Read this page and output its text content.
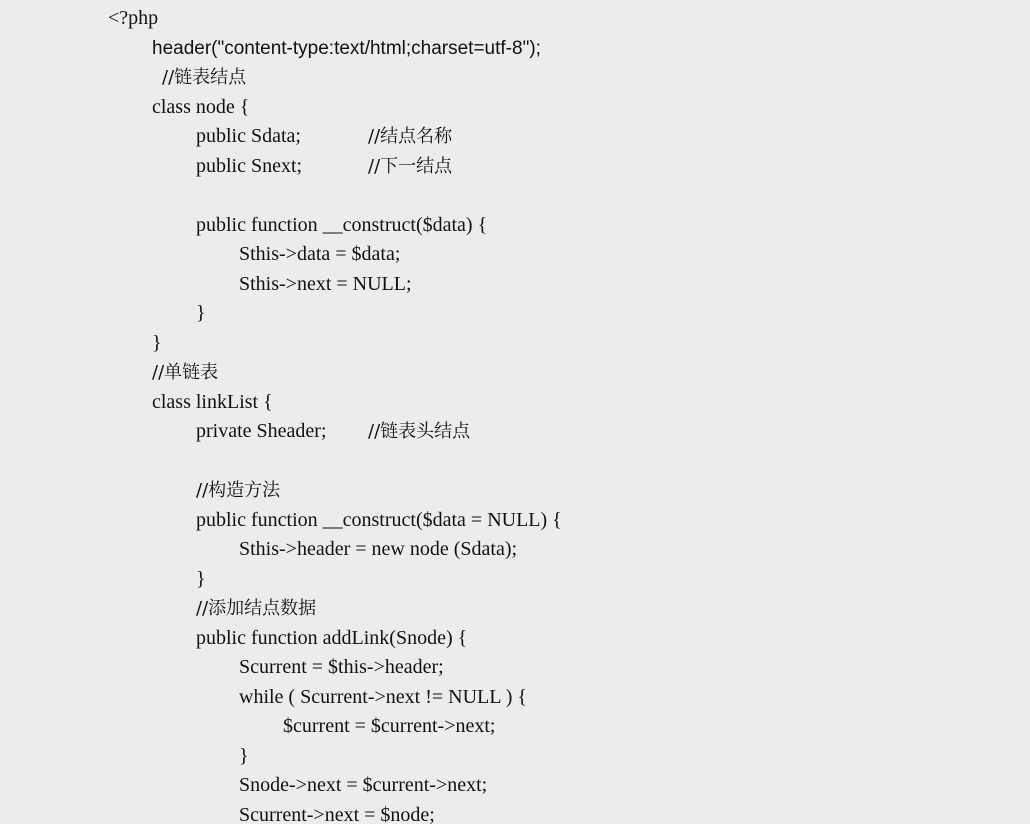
<?php

header("content-type:text/html;charset=utf-8");

//链表结点

class node {

public Sdata;

	//结点名称

public Snext;

	//下一结点

public function __construct($data) {

Sthis->data = $data;

Sthis->next = NULL;

}

}

//单链表

class linkList {

private Sheader;

//链表头结点

//构造方法

public function __construct($data = NULL) {

Sthis->header = new node (Sdata);

}

//添加结点数据

public function addLink(Snode) {

Scurrent = $this->header;

while ( Scurrent->next != NULL ) {

$current = $current->next;

}

Snode->next = $current->next;

Scurrent->next = $node;
